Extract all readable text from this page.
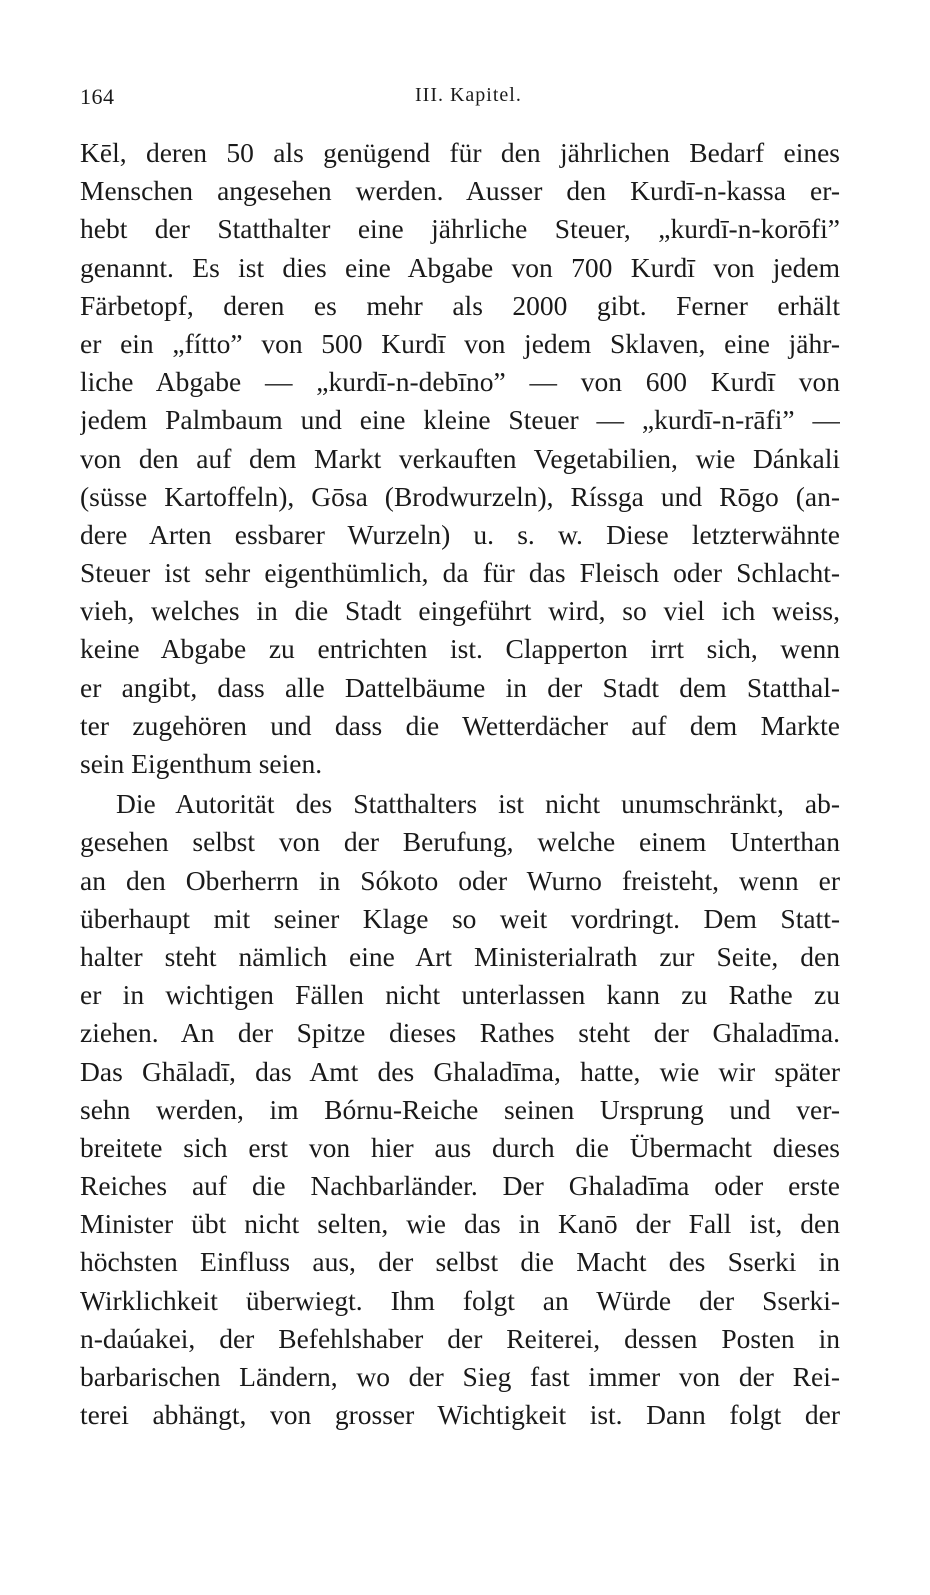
164	III. Kapitel.
Kēl, deren 50 als genügend für den jährlichen Bedarf eines
Menschen angesehen werden. Ausser den Kurdī-n-kassa er-
hebt der Statthalter eine jährliche Steuer, „kurdī-n-korōfi”
genannt. Es ist dies eine Abgabe von 700 Kurdī von jedem
Färbetopf, deren es mehr als 2000 gibt. Ferner erhält
er ein „fítto” von 500 Kurdī von jedem Sklaven, eine jähr-
liche Abgabe — „kurdī-n-debīno” — von 600 Kurdī von
jedem Palmbaum und eine kleine Steuer — „kurdī-n-rāfi” —
von den auf dem Markt verkauften Vegetabilien, wie Dánkali
(süsse Kartoffeln), Gōsa (Brodwurzeln), Ríssga und Rōgo (an-
dere Arten essbarer Wurzeln) u. s. w. Diese letzterwähnte
Steuer ist sehr eigenthümlich, da für das Fleisch oder Schlacht-
vieh, welches in die Stadt eingeführt wird, so viel ich weiss,
keine Abgabe zu entrichten ist. Clapperton irrt sich, wenn
er angibt, dass alle Dattelbäume in der Stadt dem Statthal-
ter zugehören und dass die Wetterdächer auf dem Markte
sein Eigenthum seien.
Die Autorität des Statthalters ist nicht unumschränkt, ab-
gesehen selbst von der Berufung, welche einem Unterthan
an den Oberherrn in Sókoto oder Wurno freisteht, wenn er
überhaupt mit seiner Klage so weit vordringt. Dem Statt-
halter steht nämlich eine Art Ministerialrath zur Seite, den
er in wichtigen Fällen nicht unterlassen kann zu Rathe zu
ziehen. An der Spitze dieses Rathes steht der Ghaladīma.
Das Ghāladī, das Amt des Ghaladīma, hatte, wie wir später
sehn werden, im Bórnu-Reiche seinen Ursprung und ver-
breitete sich erst von hier aus durch die Übermacht dieses
Reiches auf die Nachbarländer. Der Ghaladīma oder erste
Minister übt nicht selten, wie das in Kanō der Fall ist, den
höchsten Einfluss aus, der selbst die Macht des Sserki in
Wirklichkeit überwiegt. Ihm folgt an Würde der Sserki-
n-daúakei, der Befehlshaber der Reiterei, dessen Posten in
barbarischen Ländern, wo der Sieg fast immer von der Rei-
terei abhängt, von grosser Wichtigkeit ist. Dann folgt der
